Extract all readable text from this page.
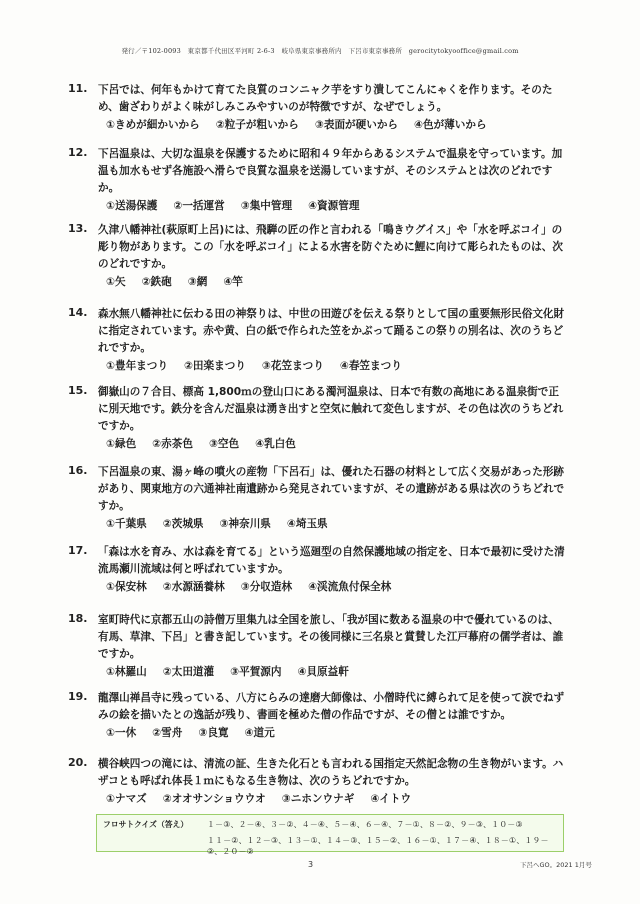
発行／〒102-0093　東京都千代田区平河町 2-6-3　岐阜県東京事務所内　下呂市東京事務所　gerocitytokyooffice@gmail.com
11. 下呂では、何年もかけて育てた良質のコンニャク芋をすり潰してこんにゃくを作ります。そのため、歯ざわりがよく味がしみこみやすいのが特徴ですが、なぜでしょう。
①きめが細かいから ②粒子が粗いから ③表面が硬いから ④色が薄いから
12. 下呂温泉は、大切な温泉を保護するために昭和４９年からあるシステムで温泉を守っています。加温も加水もせず各施設へ滑らで良質な温泉を送湯していますが、そのシステムとは次のどれですか。
①送湯保護 ②一括運営 ③集中管理 ④資源管理
13. 久津八幡神社(萩原町上呂)には、飛騨の匠の作と言われる「鳴きウグイス」や「水を呼ぶコイ」の彫り物があります。この「水を呼ぶコイ」による水害を防ぐために鯉に向けて彫られたものは、次のどれですか。
①矢 ②鉄砲 ③網 ④竿
14. 森水無八幡神社に伝わる田の神祭りは、中世の田遊びを伝える祭りとして国の重要無形民俗文化財に指定されています。赤や黄、白の紙で作られた笠をかぶって踊るこの祭りの別名は、次のうちどれですか。
①豊年まつり ②田楽まつり ③花笠まつり ④春笠まつり
15. 御嶽山の７合目、標高 1,800ｍの登山口にある濁河温泉は、日本で有数の高地にある温泉街で正に別天地です。鉄分を含んだ温泉は湧き出すと空気に触れて変色しますが、その色は次のうちどれですか。
①緑色 ②赤茶色 ③空色 ④乳白色
16. 下呂温泉の東、湯ヶ峰の噴火の産物「下呂石」は、優れた石器の材料として広く交易があった形跡があり、関東地方の六通神社南遺跡から発見されていますが、その遺跡がある県は次のうちどれですか。
①千葉県 ②茨城県 ③神奈川県 ④埼玉県
17. 「森は水を育み、水は森を育てる」という巡廻型の自然保護地域の指定を、日本で最初に受けた清流馬瀬川流域は何と呼ばれていますか。
①保安林 ②水源涵養林 ③分収造林 ④渓流魚付保全林
18. 室町時代に京都五山の詩僧万里集九は全国を旅し、「我が国に数ある温泉の中で優れているのは、有馬、草津、下呂」と書き記しています。その後同様に三名泉と賞賛した江戸幕府の儒学者は、誰ですか。
①林羅山 ②太田道灌 ③平賀源内 ④貝原益軒
19. 龍澤山禅昌寺に残っている、八方にらみの達磨大師像は、小僧時代に縛られて足を使って涙でねずみの絵を描いたとの逸話が残り、書画を極めた僧の作品ですが、その僧とは誰ですか。
①一休 ②雪舟 ③良寛 ④道元
20. 横谷峡四つの滝には、清流の証、生きた化石とも言われる国指定天然記念物の生き物がいます。ハザコとも呼ばれ体長１ｍにもなる生き物は、次のうちどれですか。
①ナマズ ②オオサンショウウオ ③ニホンウナギ ④イトウ
フロサトクイズ（答え） １－③、２－④、３－②、４－④、５－④、６－④、７－①、８－②、９－③、１０－③
１１－②、１２－③、１３－①、１４－③、１５－②、１６－①、１７－④、１８－①、１９－②、２０－②
3	下呂へGO。2021 1月号
